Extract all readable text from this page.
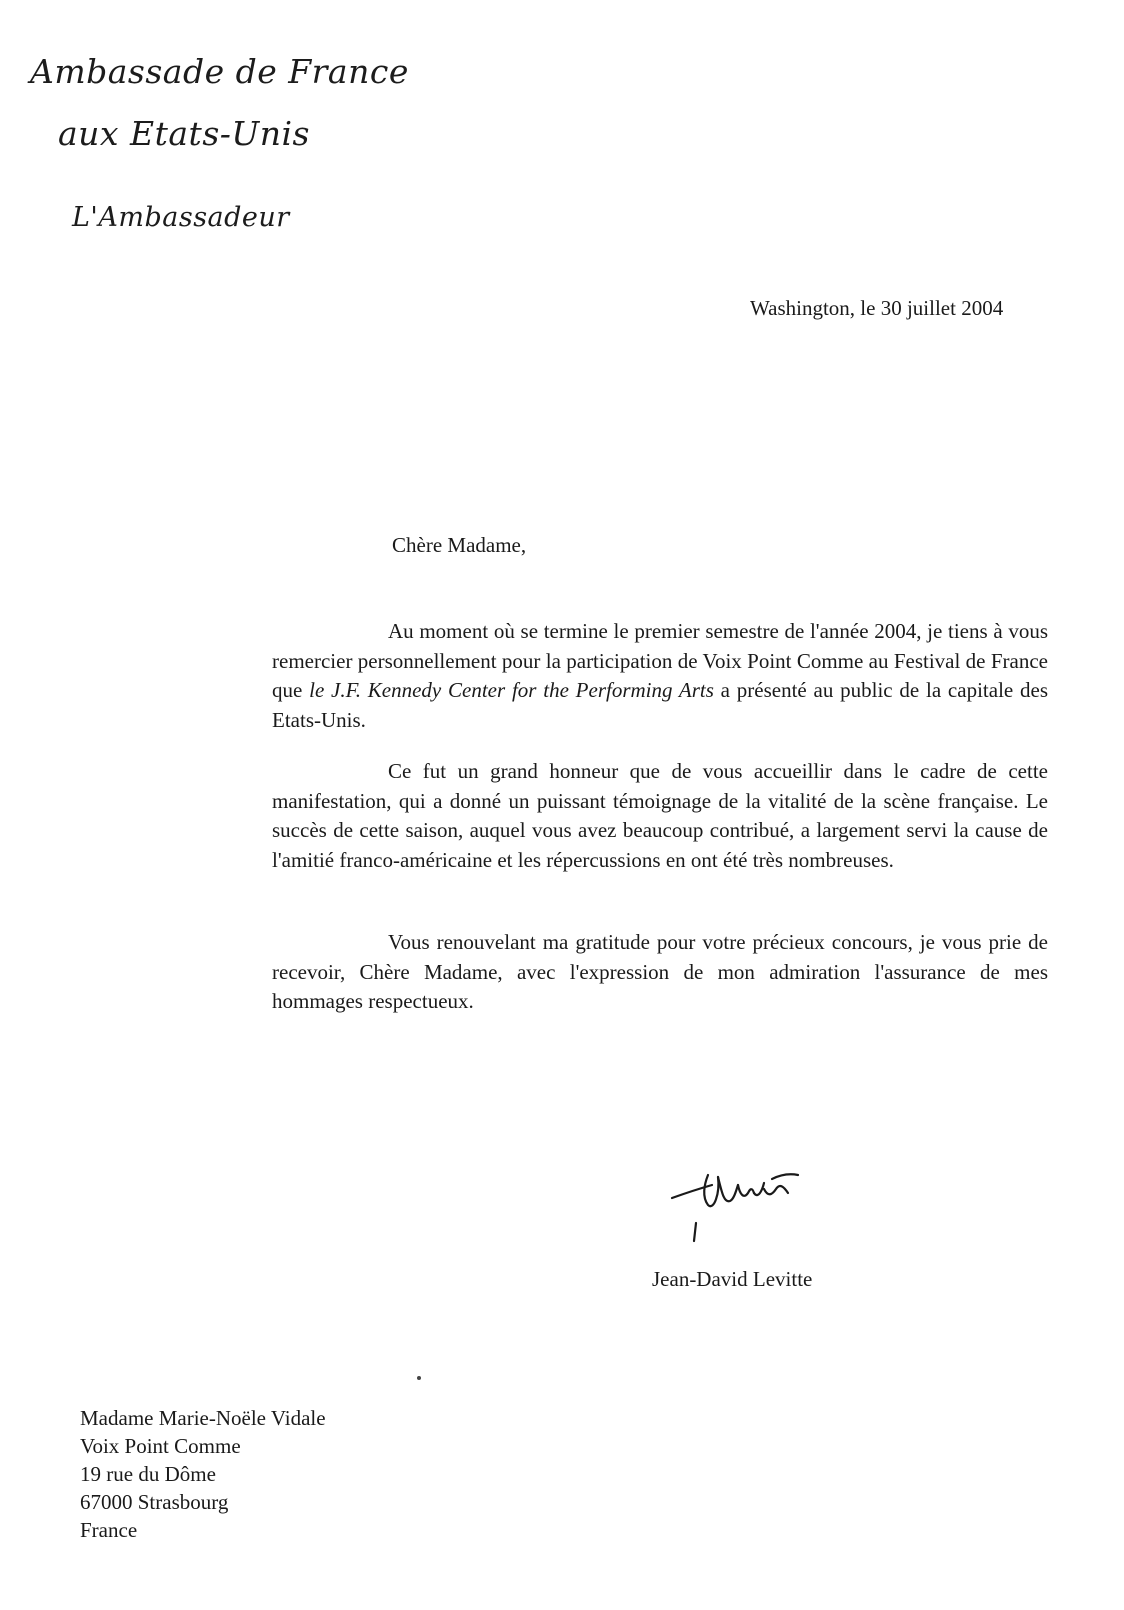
Ambassade de France
aux Etats-Unis
L'Ambassadeur
Washington, le 30 juillet 2004
Chère Madame,

Au moment où se termine le premier semestre de l'année 2004, je tiens à vous remercier personnellement pour la participation de Voix Point Comme au Festival de France que le J.F. Kennedy Center for the Performing Arts a présenté au public de la capitale des Etats-Unis.

Ce fut un grand honneur que de vous accueillir dans le cadre de cette manifestation, qui a donné un puissant témoignage de la vitalité de la scène française. Le succès de cette saison, auquel vous avez beaucoup contribué, a largement servi la cause de l'amitié franco-américaine et les répercussions en ont été très nombreuses.

Vous renouvelant ma gratitude pour votre précieux concours, je vous prie de recevoir, Chère Madame, avec l'expression de mon admiration l'assurance de mes hommages respectueux.

Jean-David Levitte
Madame Marie-Noële Vidale
Voix Point Comme
19 rue du Dôme
67000 Strasbourg
France
